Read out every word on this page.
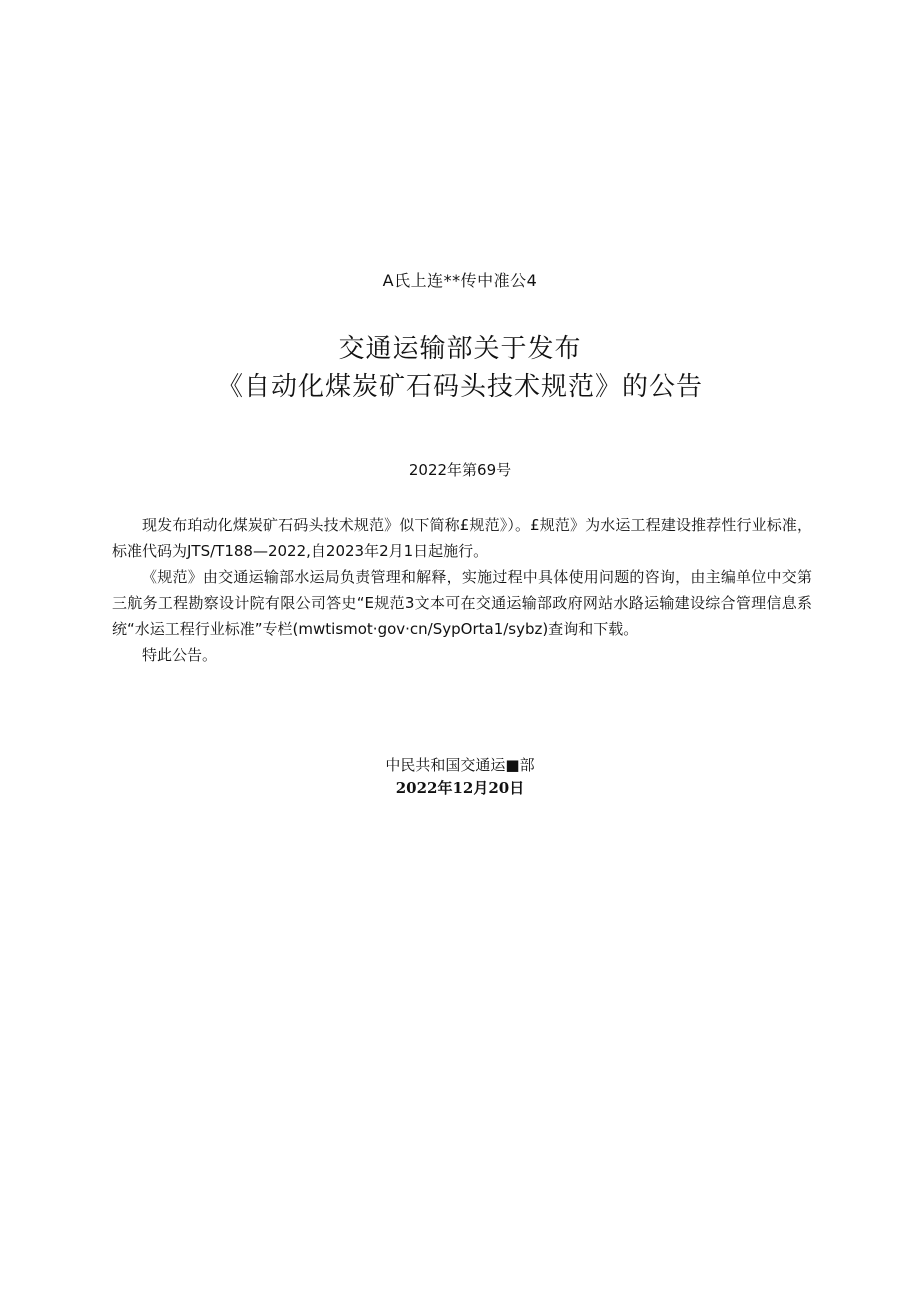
A氏上连**传中准公4
交通运输部关于发布
《自动化煤炭矿石码头技术规范》的公告
2022年第69号

现发布珀动化煤炭矿石码头技术规范》似下简称£规范》）。£规范》为水运工程建设推荐性行业标准，标准代码为JTS/T188—2022,自2023年2月1日起施行。

《规范》由交通运输部水运局负责管理和解释，实施过程中具体使用问题的咨询，由主编单位中交第三航务工程勘察设计院有限公司答史“E规范3文本可在交通运输部政府网站水路运输建设综合管理信息系统“水运工程行业标准”专栏(mwtismot·gov·cn/SypOrta1∕sybz)查询和下载。

特此公告。

中民共和国交通运■部
2022年12月20日
